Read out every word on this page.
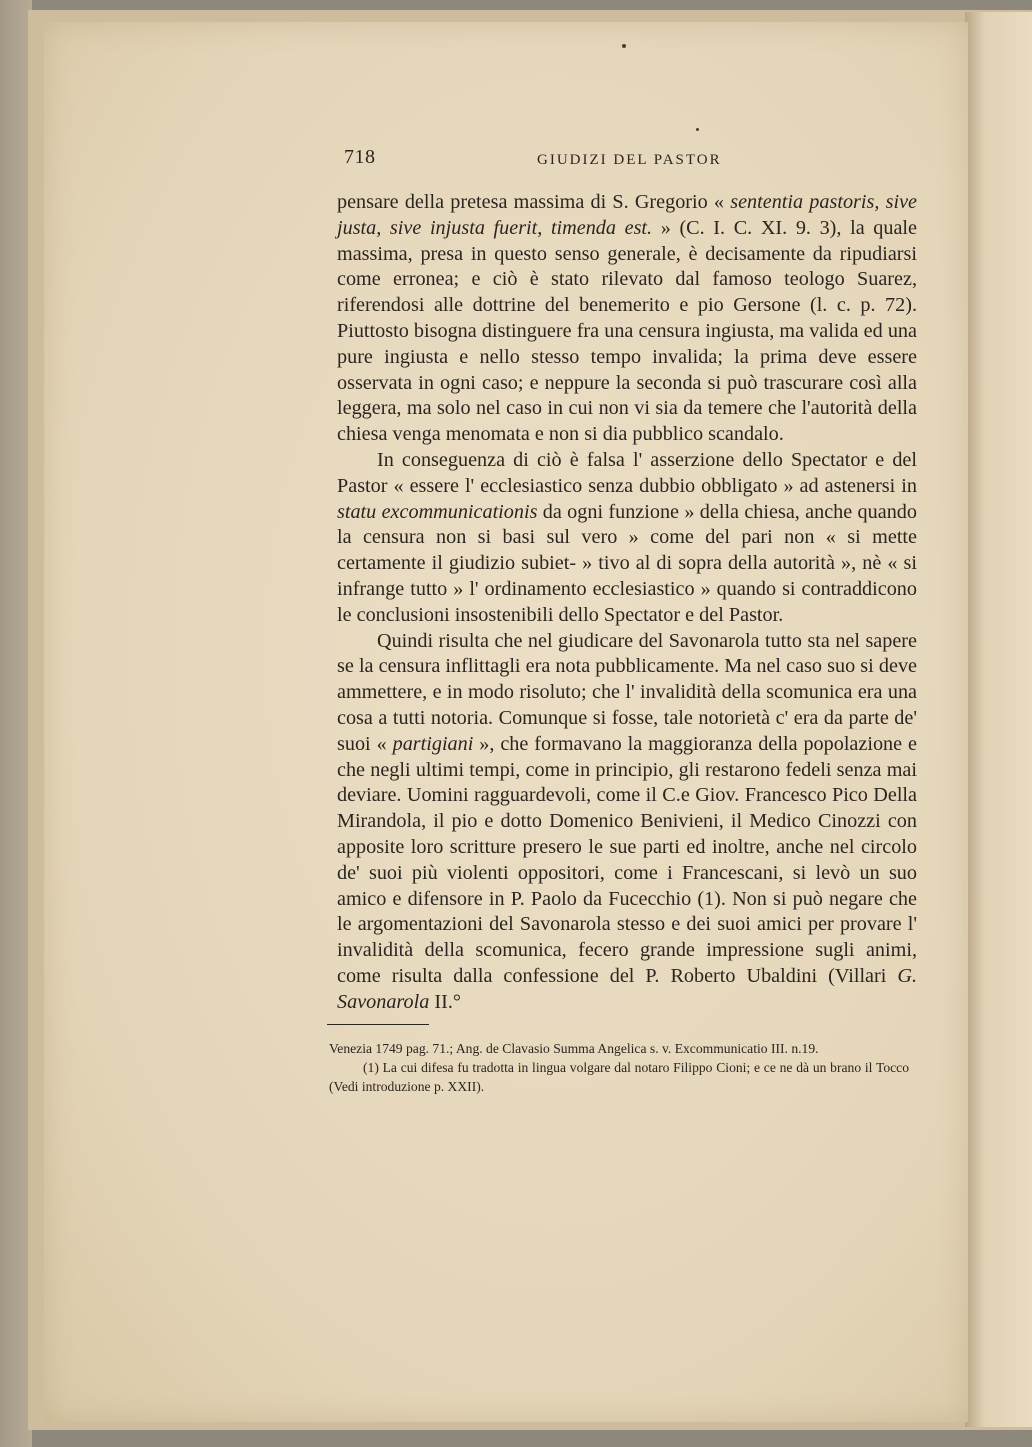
718	GIUDIZI DEL PASTOR

pensare della pretesa massima di S. Gregorio « sententia pastoris, sive justa, sive injusta fuerit, timenda est. » (C. I. C. XI. 9. 3), la quale massima, presa in questo senso generale, è decisamente da ripudiarsi come erronea; e ciò è stato rilevato dal famoso teologo Suarez, riferendosi alle dottrine del benemerito e pio Gersone (l. c. p. 72). Piuttosto bisogna distinguere fra una censura ingiusta, ma valida ed una pure ingiusta e nello stesso tempo invalida; la prima deve essere osservata in ogni caso; e neppure la seconda si può trascurare così alla leggera, ma solo nel caso in cui non vi sia da temere che l'autorità della chiesa venga menomata e non si dia pubblico scandalo.

In conseguenza di ciò è falsa l' asserzione dello Spectator e del Pastor « essere l' ecclesiastico senza dubbio obbligato » ad astenersi in statu excommunicationis da ogni funzione » della chiesa, anche quando la censura non si basi sul vero » come del pari non « si mette certamente il giudizio subiet- » tivo al di sopra della autorità », nè « si infrange tutto » l' ordinamento ecclesiastico » quando si contraddicono le conclusioni insostenibili dello Spectator e del Pastor.

Quindi risulta che nel giudicare del Savonarola tutto sta nel sapere se la censura inflittagli era nota pubblicamente. Ma nel caso suo si deve ammettere, e in modo risoluto; che l' invalidità della scomunica era una cosa a tutti notoria. Comunque si fosse, tale notorietà c' era da parte de' suoi « partigiani », che formavano la maggioranza della popolazione e che negli ultimi tempi, come in principio, gli restarono fedeli senza mai deviare. Uomini ragguardevoli, come il C.e Giov. Francesco Pico Della Mirandola, il pio e dotto Domenico Benivieni, il Medico Cinozzi con apposite loro scritture presero le sue parti ed inoltre, anche nel circolo de' suoi più violenti oppositori, come i Francescani, si levò un suo amico e difensore in P. Paolo da Fucecchio (1). Non si può negare che le argomentazioni del Savonarola stesso e dei suoi amici per provare l' invalidità della scomunica, fecero grande impressione sugli animi, come risulta dalla confessione del P. Roberto Ubaldini (Villari G. Savonarola II.°

Venezia 1749 pag. 71.; Ang. de Clavasio Summa Angelica s. v. Excommunicatio III. n.19.

(1) La cui difesa fu tradotta in lingua volgare dal notaro Filippo Cioni; e ce ne dà un brano il Tocco (Vedi introduzione p. XXII).
